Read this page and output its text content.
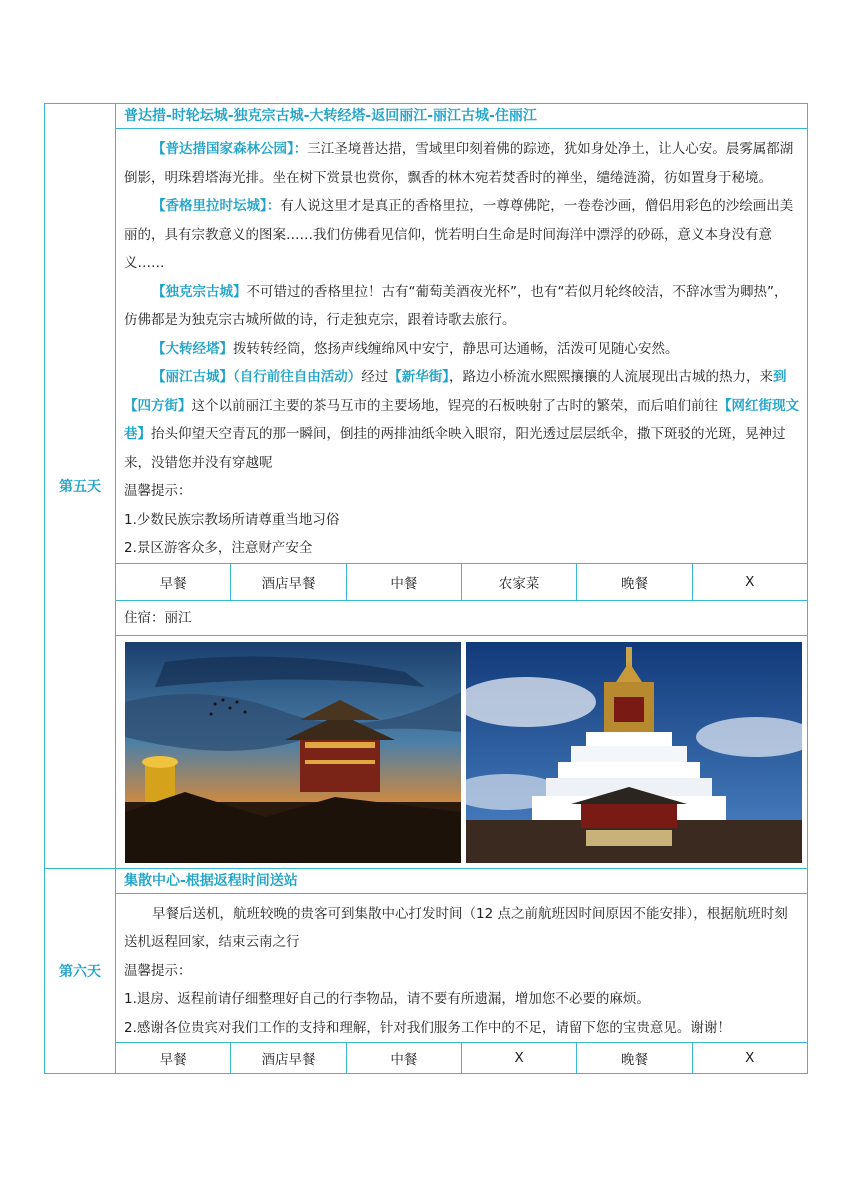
第五天
普达措-时轮坛城-独克宗古城-大转经塔-返回丽江-丽江古城-住丽江
【普达措国家森林公园】：三江圣境普达措，雪域里印刻着佛的踪迹，犹如身处净土，让人心安。晨雾属都湖倒影，明珠碧塔海光排。坐在树下赏景也赏你，飘香的林木宛若焚香时的禅坐，缱绻涟漪，彷如置身于秘境。
【香格里拉时坛城】：有人说这里才是真正的香格里拉，一尊尊佛陀，一卷卷沙画，僧侣用彩色的沙绘画出美丽的，具有宗教意义的图案……我们仿佛看见信仰，恍若明白生命是时间海洋中漂浮的砂砾，意义本身没有意义……
【独克宗古城】不可错过的香格里拉！古有“葡萄美酒夜光杯”，也有“若似月轮终皎洁，不辞冰雪为卿热”，仿佛都是为独克宗古城所做的诗，行走独克宗，跟着诗歌去旅行。
【大转经塔】拨转转经筒，悠扬声线缠绵风中安宁，静思可达通畅，活泼可见随心安然。
【丽江古城】（自行前往自由活动）经过【新华街】，路边小桥流水熙熙攘攘的人流展现出古城的热力，来到【四方街】这个以前丽江主要的茶马互市的主要场地，锃亮的石板映射了古时的繁荣，而后咱们前往【网红街现文巷】抬头仰望天空青瓦的那一瞬间，倒挂的两排油纸伞映入眼帘，阳光透过层层纸伞，撒下斑驳的光斑，晃神过来，没错您并没有穿越呢
温馨提示：
1.少数民族宗教场所请尊重当地习俗
2.景区游客众多，注意财产安全
早餐	酒店早餐	中餐	农家菜	晚餐	X
住宿：丽江
第六天
集散中心-根据返程时间送站
早餐后送机，航班较晚的贵客可到集散中心打发时间（12 点之前航班因时间原因不能安排），根据航班时刻送机返程回家，结束云南之行
温馨提示：
1.退房、返程前请仔细整理好自己的行李物品，请不要有所遗漏，增加您不必要的麻烦。
2.感谢各位贵宾对我们工作的支持和理解，针对我们服务工作中的不足，请留下您的宝贵意见。谢谢！
早餐	酒店早餐	中餐	X	晚餐	X
